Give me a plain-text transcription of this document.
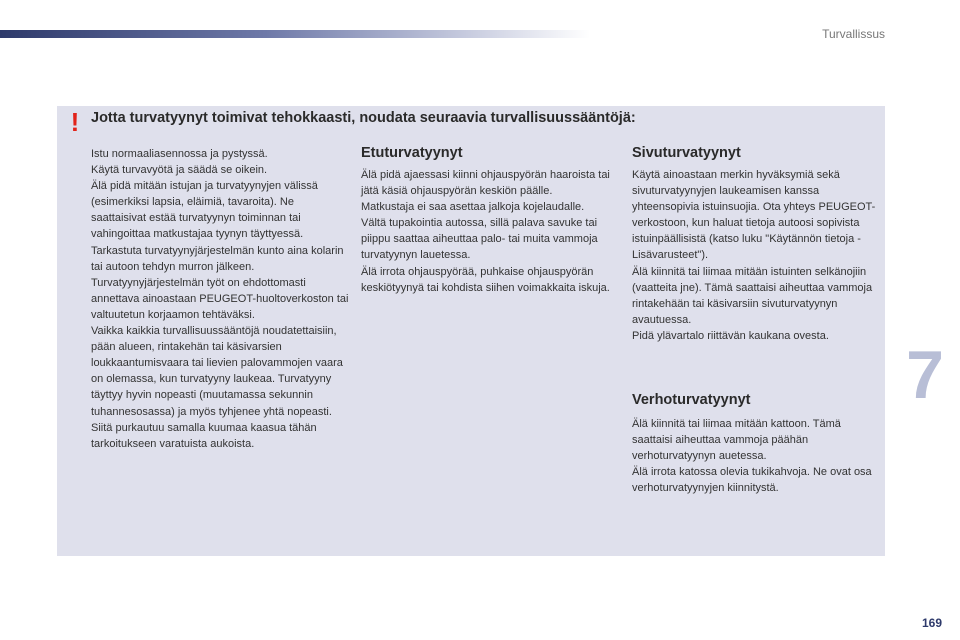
Turvallissus
! Jotta turvatyynyt toimivat tehokkaasti, noudata seuraavia turvallisuussääntöjä:

Istu normaaliasennossa ja pystyssä.

Käytä turvavyötä ja säädä se oikein.

Älä pidä mitään istujan ja turvatyynyjen välissä (esimerkiksi lapsia, eläimiä, tavaroita). Ne saattaisivat estää turvatyynyn toiminnan tai vahingoittaa matkustajaa tyynyn täyttyessä.

Tarkastuta turvatyynyjärjestelmän kunto aina kolarin tai autoon tehdyn murron jälkeen.

Turvatyynyjärjestelmän työt on ehdottomasti annettava ainoastaan PEUGEOT-huoltoverkoston tai valtuutetun korjaamon tehtäväksi.

Vaikka kaikkia turvallisuussääntöjä noudatettaisiin, pään alueen, rintakehän tai käsivarsien loukkaantumisvaara tai lievien palovammojen vaara on olemassa, kun turvatyyny laukeaa. Turvatyyny täyttyy hyvin nopeasti (muutamassa sekunnin tuhannesosassa) ja myös tyhjenee yhtä nopeasti. Siitä purkautuu samalla kuumaa kaasua tähän tarkoitukseen varatuista aukoista.

Etuturvatyynyt

Älä pidä ajaessasi kiinni ohjauspyörän haaroista tai jätä käsiä ohjauspyörän keskiön päälle.

Matkustaja ei saa asettaa jalkoja kojelaudalle.

Vältä tupakointia autossa, sillä palava savuke tai piippu saattaa aiheuttaa palo- tai muita vammoja turvatyynyn lauetessa.

Älä irrota ohjauspyörää, puhkaise ohjauspyörän keskiötyynyä tai kohdista siihen voimakkaita iskuja.

Sivuturvatyynyt

Käytä ainoastaan merkin hyväksymiä sekä sivuturvatyynyjen laukeamisen kanssa yhteensopivia istuinsuojia. Ota yhteys PEUGEOT-verkostoon, kun haluat tietoja autoosi sopivista istuinpäällisistä (katso luku "Käytännön tietoja - Lisävarusteet").

Älä kiinnitä tai liimaa mitään istuinten selkänojiin (vaatteita jne). Tämä saattaisi aiheuttaa vammoja rintakehään tai käsivarsiin sivuturvatyynyn avautuessa.

Pidä ylävartalo riittävän kaukana ovesta.

Verhoturvatyynyt

Älä kiinnitä tai liimaa mitään kattoon. Tämä saattaisi aiheuttaa vammoja päähän verhoturvatyynyn auetessa.

Älä irrota katossa olevia tukikahvoja. Ne ovat osa verhoturvatyynyjen kiinnitystä.

7
169
